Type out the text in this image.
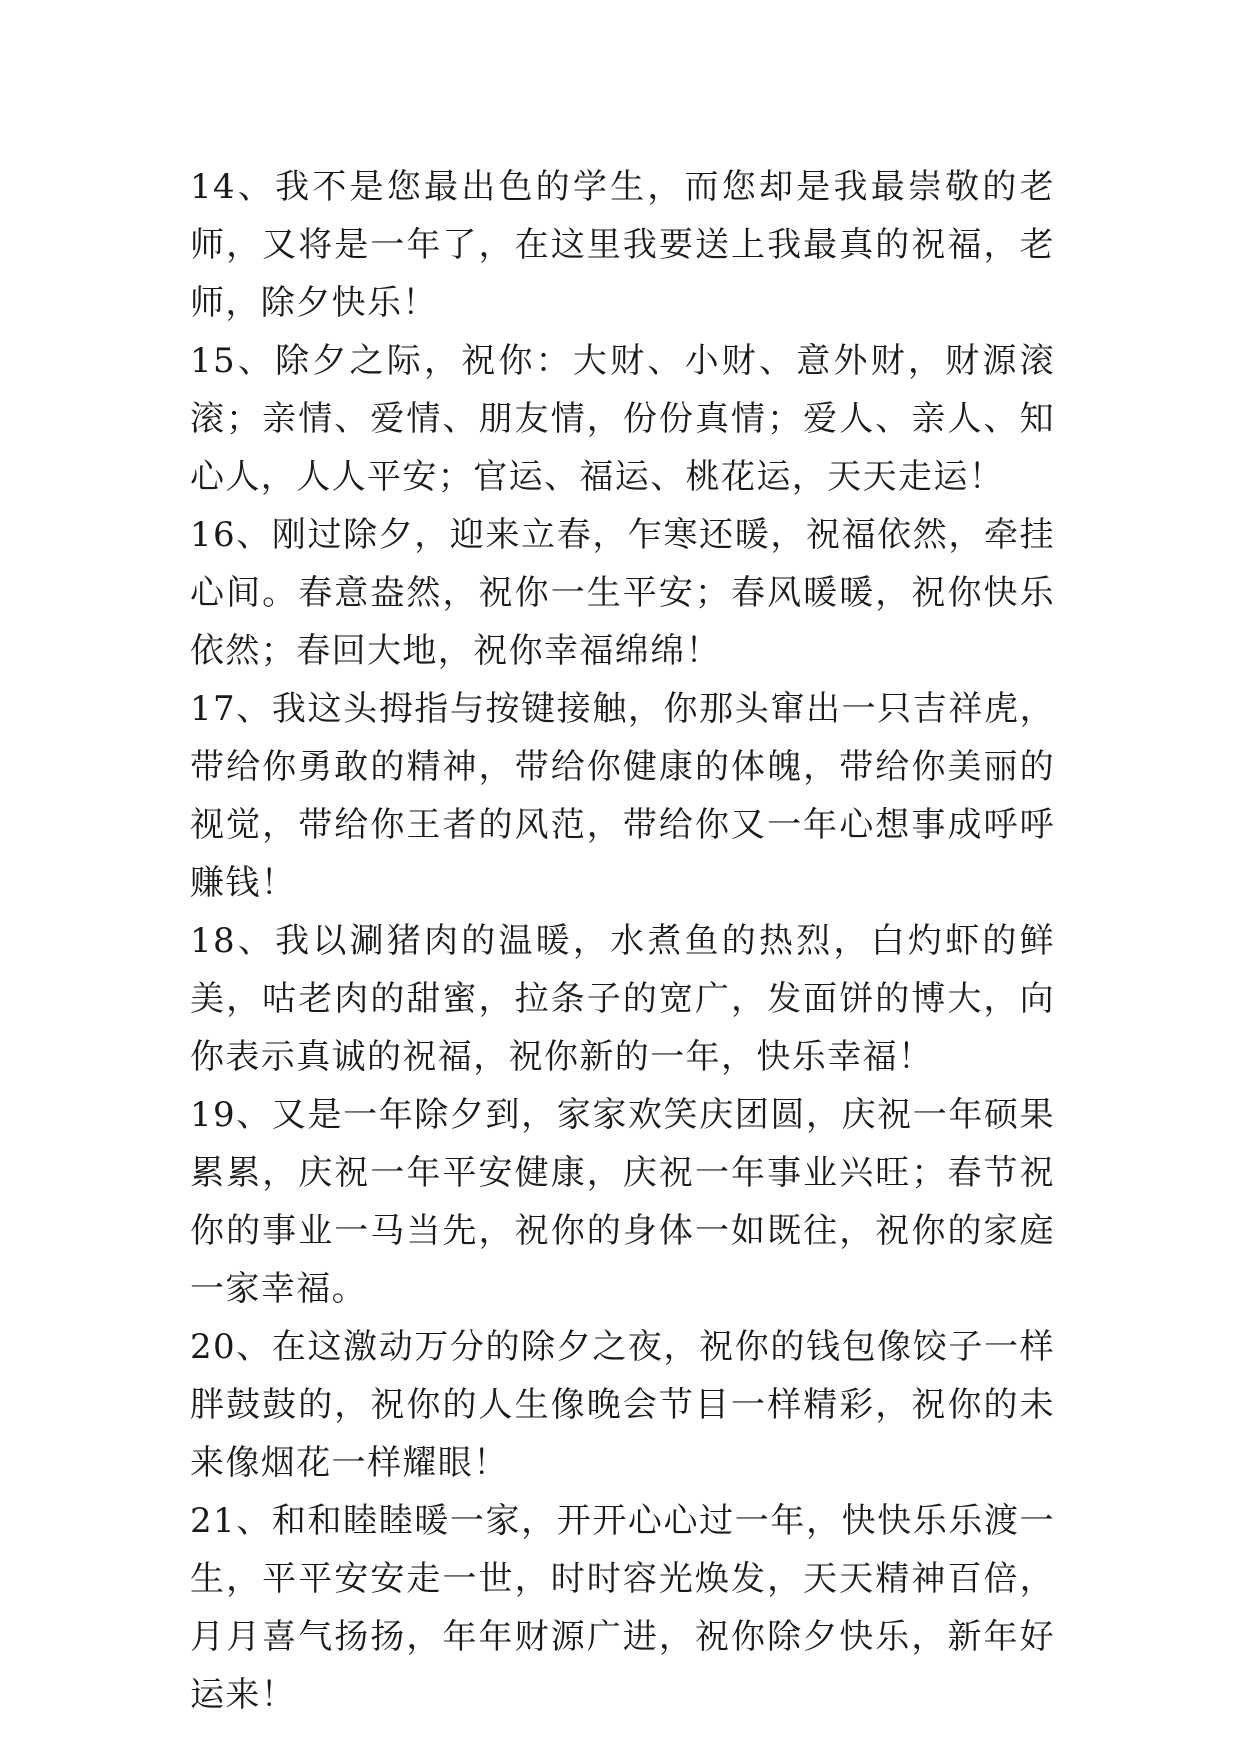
14、我不是您最出色的学生，而您却是我最崇敬的老师，又将是一年了，在这里我要送上我最真的祝福，老师，除夕快乐！

15、除夕之际，祝你：大财、小财、意外财，财源滚滚；亲情、爱情、朋友情，份份真情；爱人、亲人、知心人，人人平安；官运、福运、桃花运，天天走运！

16、刚过除夕，迎来立春，乍寒还暖，祝福依然，牵挂心间。春意盎然，祝你一生平安；春风暖暖，祝你快乐依然；春回大地，祝你幸福绵绵！

17、我这头拇指与按键接触，你那头窜出一只吉祥虎，带给你勇敢的精神，带给你健康的体魄，带给你美丽的视觉，带给你王者的风范，带给你又一年心想事成呼呼赚钱！

18、我以涮猪肉的温暖，水煮鱼的热烈，白灼虾的鲜美，咕老肉的甜蜜，拉条子的宽广，发面饼的博大，向你表示真诚的祝福，祝你新的一年，快乐幸福！

19、又是一年除夕到，家家欢笑庆团圆，庆祝一年硕果累累，庆祝一年平安健康，庆祝一年事业兴旺；春节祝你的事业一马当先，祝你的身体一如既往，祝你的家庭一家幸福。

20、在这激动万分的除夕之夜，祝你的钱包像饺子一样胖鼓鼓的，祝你的人生像晚会节目一样精彩，祝你的未来像烟花一样耀眼！

21、和和睦睦暖一家，开开心心过一年，快快乐乐渡一生，平平安安走一世，时时容光焕发，天天精神百倍，月月喜气扬扬，年年财源广进，祝你除夕快乐，新年好运来！
